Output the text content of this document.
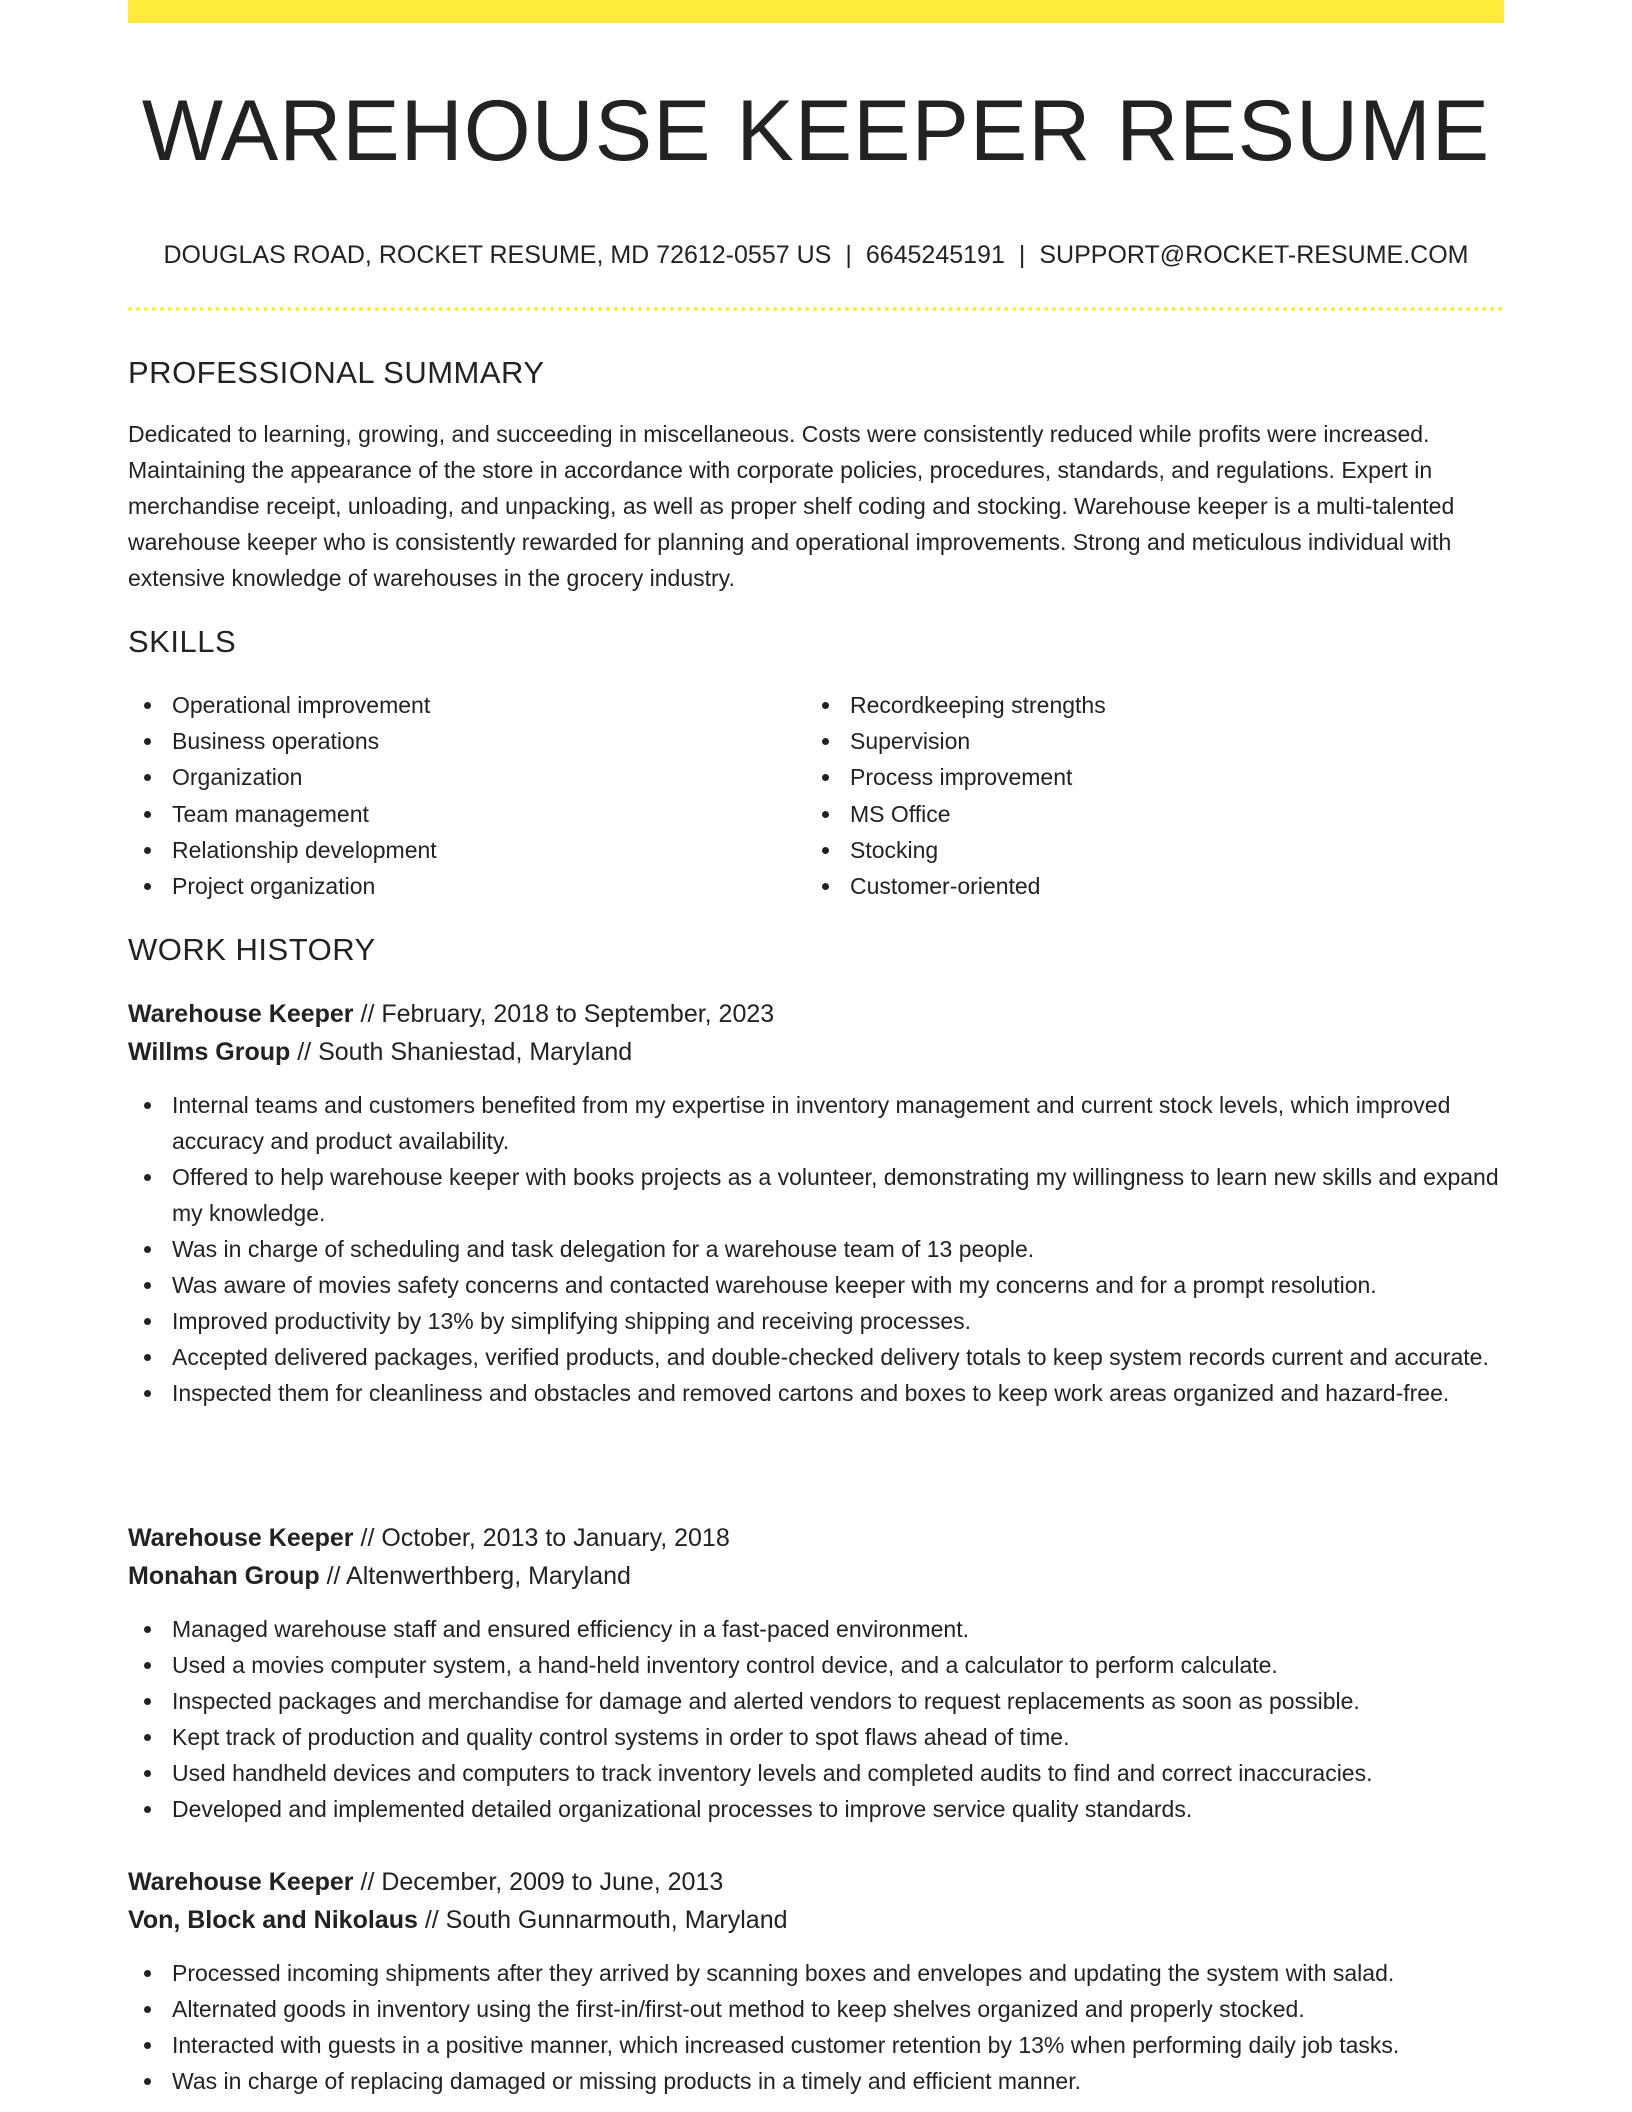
WAREHOUSE KEEPER RESUME
DOUGLAS ROAD, ROCKET RESUME, MD 72612-0557 US | 6645245191 | SUPPORT@ROCKET-RESUME.COM
PROFESSIONAL SUMMARY
Dedicated to learning, growing, and succeeding in miscellaneous. Costs were consistently reduced while profits were increased. Maintaining the appearance of the store in accordance with corporate policies, procedures, standards, and regulations. Expert in merchandise receipt, unloading, and unpacking, as well as proper shelf coding and stocking. Warehouse keeper is a multi-talented warehouse keeper who is consistently rewarded for planning and operational improvements. Strong and meticulous individual with extensive knowledge of warehouses in the grocery industry.
SKILLS
Operational improvement
Business operations
Organization
Team management
Relationship development
Project organization
Recordkeeping strengths
Supervision
Process improvement
MS Office
Stocking
Customer-oriented
WORK HISTORY
Warehouse Keeper // February, 2018 to September, 2023
Willms Group // South Shaniestad, Maryland
Internal teams and customers benefited from my expertise in inventory management and current stock levels, which improved accuracy and product availability.
Offered to help warehouse keeper with books projects as a volunteer, demonstrating my willingness to learn new skills and expand my knowledge.
Was in charge of scheduling and task delegation for a warehouse team of 13 people.
Was aware of movies safety concerns and contacted warehouse keeper with my concerns and for a prompt resolution.
Improved productivity by 13% by simplifying shipping and receiving processes.
Accepted delivered packages, verified products, and double-checked delivery totals to keep system records current and accurate.
Inspected them for cleanliness and obstacles and removed cartons and boxes to keep work areas organized and hazard-free.
Warehouse Keeper // October, 2013 to January, 2018
Monahan Group // Altenwerthberg, Maryland
Managed warehouse staff and ensured efficiency in a fast-paced environment.
Used a movies computer system, a hand-held inventory control device, and a calculator to perform calculate.
Inspected packages and merchandise for damage and alerted vendors to request replacements as soon as possible.
Kept track of production and quality control systems in order to spot flaws ahead of time.
Used handheld devices and computers to track inventory levels and completed audits to find and correct inaccuracies.
Developed and implemented detailed organizational processes to improve service quality standards.
Warehouse Keeper // December, 2009 to June, 2013
Von, Block and Nikolaus // South Gunnarmouth, Maryland
Processed incoming shipments after they arrived by scanning boxes and envelopes and updating the system with salad.
Alternated goods in inventory using the first-in/first-out method to keep shelves organized and properly stocked.
Interacted with guests in a positive manner, which increased customer retention by 13% when performing daily job tasks.
Was in charge of replacing damaged or missing products in a timely and efficient manner.
